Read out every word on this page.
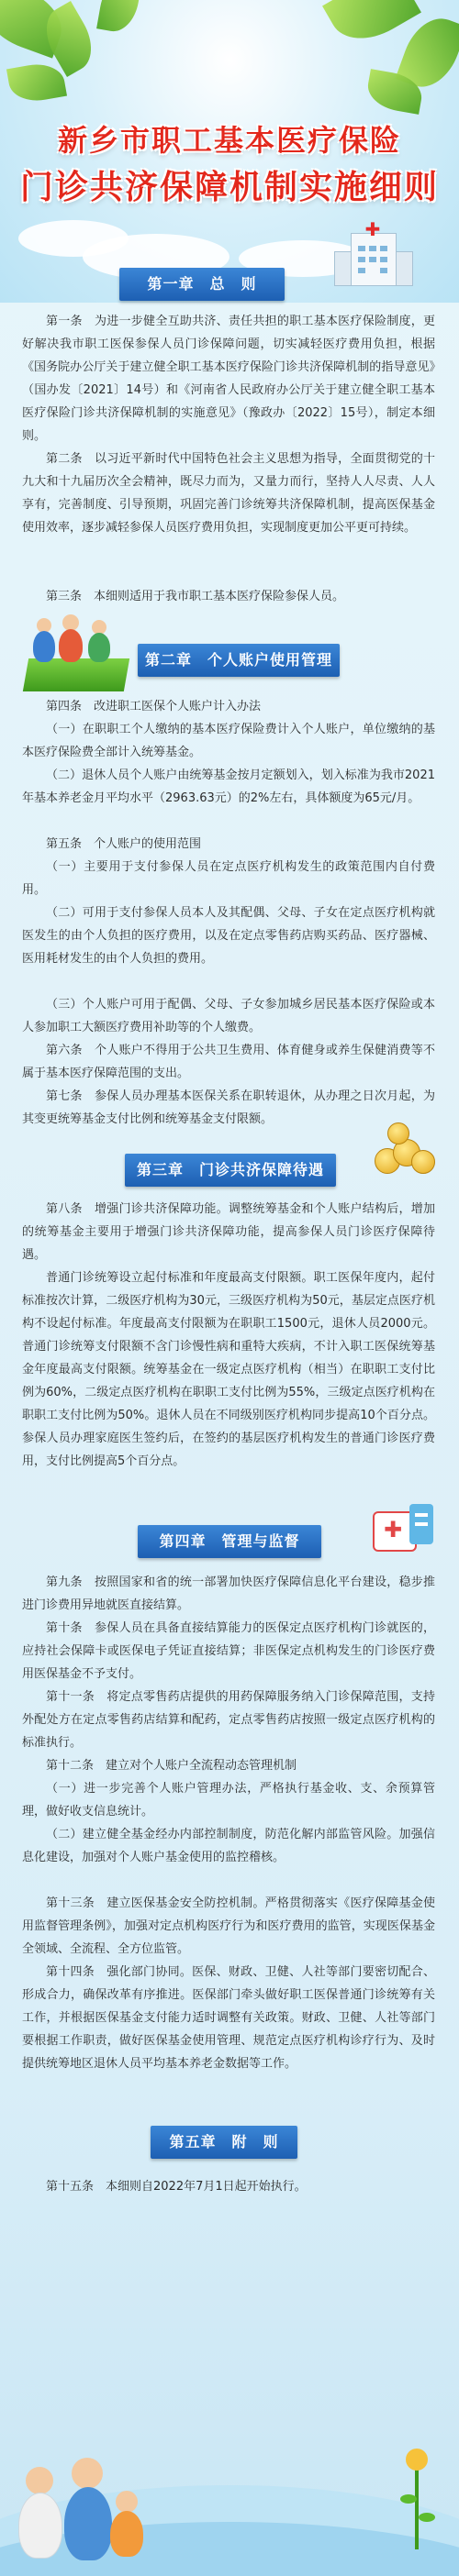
新乡市职工基本医疗保险
门诊共济保障机制实施细则
✚
第一章　总　则
第一条　为进一步健全互助共济、责任共担的职工基本医疗保险制度，更好解决我市职工医保参保人员门诊保障问题，切实减轻医疗费用负担，根据《国务院办公厅关于建立健全职工基本医疗保险门诊共济保障机制的指导意见》（国办发〔2021〕14号）和《河南省人民政府办公厅关于建立健全职工基本医疗保险门诊共济保障机制的实施意见》（豫政办〔2022〕15号），制定本细则。
第二条　以习近平新时代中国特色社会主义思想为指导，全面贯彻党的十九大和十九届历次全会精神，既尽力而为，又量力而行，坚持人人尽责、人人享有，完善制度、引导预期，巩固完善门诊统筹共济保障机制，提高医保基金使用效率，逐步减轻参保人员医疗费用负担，实现制度更加公平更可持续。
第三条　本细则适用于我市职工基本医疗保险参保人员。
第二章　个人账户使用管理
第四条　改进职工医保个人账户计入办法
（一）在职职工个人缴纳的基本医疗保险费计入个人账户，单位缴纳的基本医疗保险费全部计入统筹基金。
（二）退休人员个人账户由统筹基金按月定额划入，划入标准为我市2021年基本养老金月平均水平（2963.63元）的2%左右，具体额度为65元/月。
第五条　个人账户的使用范围
（一）主要用于支付参保人员在定点医疗机构发生的政策范围内自付费用。
（二）可用于支付参保人员本人及其配偶、父母、子女在定点医疗机构就医发生的由个人负担的医疗费用，以及在定点零售药店购买药品、医疗器械、医用耗材发生的由个人负担的费用。
（三）个人账户可用于配偶、父母、子女参加城乡居民基本医疗保险或本人参加职工大额医疗费用补助等的个人缴费。
第六条　个人账户不得用于公共卫生费用、体育健身或养生保健消费等不属于基本医疗保障范围的支出。
第七条　参保人员办理基本医保关系在职转退休，从办理之日次月起，为其变更统筹基金支付比例和统筹基金支付限额。
第三章　门诊共济保障待遇
第八条　增强门诊共济保障功能。调整统筹基金和个人账户结构后，增加的统筹基金主要用于增强门诊共济保障功能，提高参保人员门诊医疗保障待遇。
普通门诊统筹设立起付标准和年度最高支付限额。职工医保年度内，起付标准按次计算，二级医疗机构为30元，三级医疗机构为50元，基层定点医疗机构不设起付标准。年度最高支付限额为在职职工1500元，退休人员2000元。普通门诊统筹支付限额不含门诊慢性病和重特大疾病，不计入职工医保统筹基金年度最高支付限额。统筹基金在一级定点医疗机构（相当）在职职工支付比例为60%，二级定点医疗机构在职职工支付比例为55%，三级定点医疗机构在职职工支付比例为50%。退休人员在不同级别医疗机构同步提高10个百分点。参保人员办理家庭医生签约后，在签约的基层医疗机构发生的普通门诊医疗费用，支付比例提高5个百分点。
✚
第四章　管理与监督
第九条　按照国家和省的统一部署加快医疗保障信息化平台建设，稳步推进门诊费用异地就医直接结算。
第十条　参保人员在具备直接结算能力的医保定点医疗机构门诊就医的，应持社会保障卡或医保电子凭证直接结算；非医保定点机构发生的门诊医疗费用医保基金不予支付。
第十一条　将定点零售药店提供的用药保障服务纳入门诊保障范围，支持外配处方在定点零售药店结算和配药，定点零售药店按照一级定点医疗机构的标准执行。
第十二条　建立对个人账户全流程动态管理机制
（一）进一步完善个人账户管理办法，严格执行基金收、支、余预算管理，做好收支信息统计。
（二）建立健全基金经办内部控制制度，防范化解内部监管风险。加强信息化建设，加强对个人账户基金使用的监控稽核。
第十三条　建立医保基金安全防控机制。严格贯彻落实《医疗保障基金使用监督管理条例》，加强对定点机构医疗行为和医疗费用的监管，实现医保基金全领域、全流程、全方位监管。
第十四条　强化部门协同。医保、财政、卫健、人社等部门要密切配合、形成合力，确保改革有序推进。医保部门牵头做好职工医保普通门诊统筹有关工作，并根据医保基金支付能力适时调整有关政策。财政、卫健、人社等部门要根据工作职责，做好医保基金使用管理、规范定点医疗机构诊疗行为、及时提供统筹地区退休人员平均基本养老金数据等工作。
第五章　附　则
第十五条　本细则自2022年7月1日起开始执行。
